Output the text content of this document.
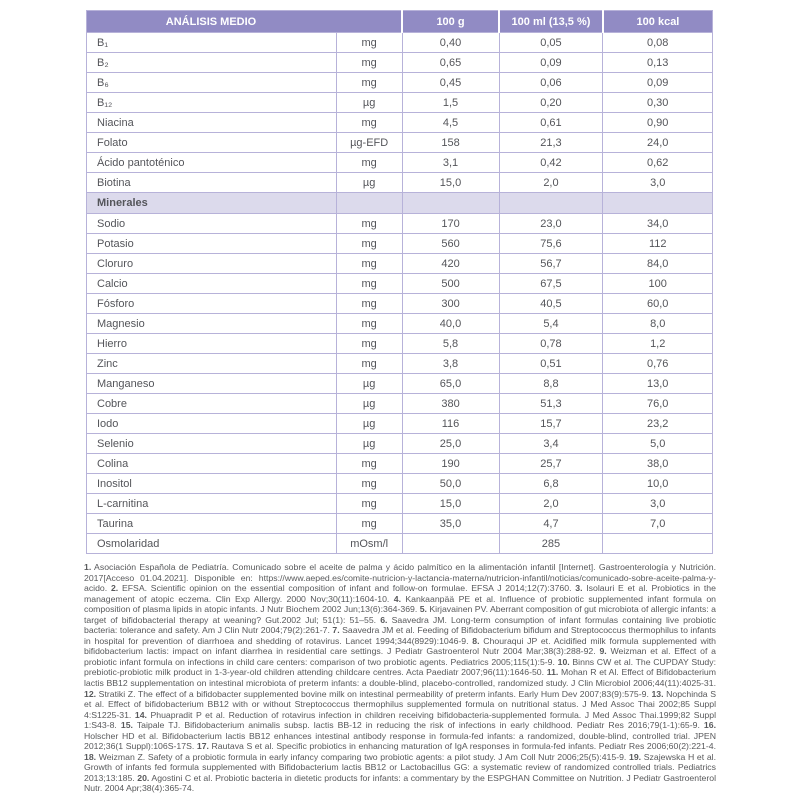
ANÁLISIS MEDIO		100 g	100 ml (13,5 %)	100 kcal
B₁	mg	0,40	0,05	0,08
B₂	mg	0,65	0,09	0,13
B₆	mg	0,45	0,06	0,09
B₁₂	µg	1,5	0,20	0,30
Niacina	mg	4,5	0,61	0,90
Folato	µg-EFD	158	21,3	24,0
Ácido pantoténico	mg	3,1	0,42	0,62
Biotina	µg	15,0	2,0	3,0
Minerales				
Sodio	mg	170	23,0	34,0
Potasio	mg	560	75,6	112
Cloruro	mg	420	56,7	84,0
Calcio	mg	500	67,5	100
Fósforo	mg	300	40,5	60,0
Magnesio	mg	40,0	5,4	8,0
Hierro	mg	5,8	0,78	1,2
Zinc	mg	3,8	0,51	0,76
Manganeso	µg	65,0	8,8	13,0
Cobre	µg	380	51,3	76,0
Iodo	µg	116	15,7	23,2
Selenio	µg	25,0	3,4	5,0
Colina	mg	190	25,7	38,0
Inositol	mg	50,0	6,8	10,0
L-carnitina	mg	15,0	2,0	3,0
Taurina	mg	35,0	4,7	7,0
Osmolaridad	mOsm/l		285	

1. Asociación Española de Pediatría. Comunicado sobre el aceite de palma y ácido palmítico en la alimentación infantil [Internet]. Gastroenterología y Nutrición. 2017[Acceso 01.04.2021]. Disponible en: https://www.aeped.es/comite-nutricion-y-lactancia-materna/nutricion-infantil/noticias/comunicado-sobre-aceite-palma-y-acido. 2. EFSA. Scientific opinion on the essential composition of infant and follow-on formulae. EFSA J 2014;12(7):3760. 3. Isolauri E et al. Probiotics in the management of atopic eczema. Clin Exp Allergy. 2000 Nov;30(11):1604-10. 4. Kankaanpää PE et al. Influence of probiotic supplemented infant formula on composition of plasma lipids in atopic infants. J Nutr Biochem 2002 Jun;13(6):364-369. 5. Kirjavainen PV. Aberrant composition of gut microbiota of allergic infants: a target of bifidobacterial therapy at weaning? Gut.2002 Jul; 51(1): 51–55. 6. Saavedra JM. Long-term consumption of infant formulas containing live probiotic bacteria: tolerance and safety. Am J Clin Nutr 2004;79(2):261-7. 7. Saavedra JM et al. Feeding of Bifidobacterium bifidum and Streptococcus thermophilus to infants in hospital for prevention of diarrhoea and shedding of rotavirus. Lancet 1994;344(8929):1046-9. 8. Chouraqui JP et. Acidified milk formula supplemented with bifidobacterium lactis: impact on infant diarrhea in residential care settings. J Pediatr Gastroenterol Nutr 2004 Mar;38(3):288-92. 9. Weizman et al. Effect of a probiotic infant formula on infections in child care centers: comparison of two probiotic agents. Pediatrics 2005;115(1):5-9. 10. Binns CW et al. The CUPDAY Study: prebiotic-probiotic milk product in 1-3-year-old children attending childcare centres. Acta Paediatr 2007;96(11):1646-50. 11. Mohan R et Al. Effect of Bifidobacterium lactis BB12 supplementation on intestinal microbiota of preterm infants: a double-blind, placebo-controlled, randomized study. J Clin Microbiol 2006;44(11):4025-31. 12. Stratiki Z. The effect of a bifidobacter supplemented bovine milk on intestinal permeability of preterm infants. Early Hum Dev 2007;83(9):575-9. 13. Nopchinda S et al. Effect of bifidobacterium BB12 with or without Streptococcus thermophilus supplemented formula on nutritional status. J Med Assoc Thai 2002;85 Suppl 4:S1225-31. 14. Phuapradit P et al. Reduction of rotavirus infection in children receiving bifidobacteria-supplemented formula. J Med Assoc Thai.1999;82 Suppl 1:S43-8. 15. Taipale TJ. Bifidobacterium animalis subsp. lactis BB-12 in reducing the risk of infections in early childhood. Pediatr Res 2016;79(1-1):65-9. 16. Holscher HD et al. Bifidobacterium lactis BB12 enhances intestinal antibody response in formula-fed infants: a randomized, double-blind, controlled trial. JPEN 2012;36(1 Suppl):106S-17S. 17. Rautava S et al. Specific probiotics in enhancing maturation of IgA responses in formula-fed infants. Pediatr Res 2006;60(2):221-4. 18. Weizman Z. Safety of a probiotic formula in early infancy comparing two probiotic agents: a pilot study. J Am Coll Nutr 2006;25(5):415-9. 19. Szajewska H et al. Growth of infants fed formula supplemented with Bifidobacterium lactis BB12 or Lactobacillus GG: a systematic review of randomized controlled trials. Pediatrics 2013;13:185. 20. Agostini C et al. Probiotic bacteria in dietetic products for infants: a commentary by the ESPGHAN Committee on Nutrition. J Pediatr Gastroenterol Nutr. 2004 Apr;38(4):365-74.
